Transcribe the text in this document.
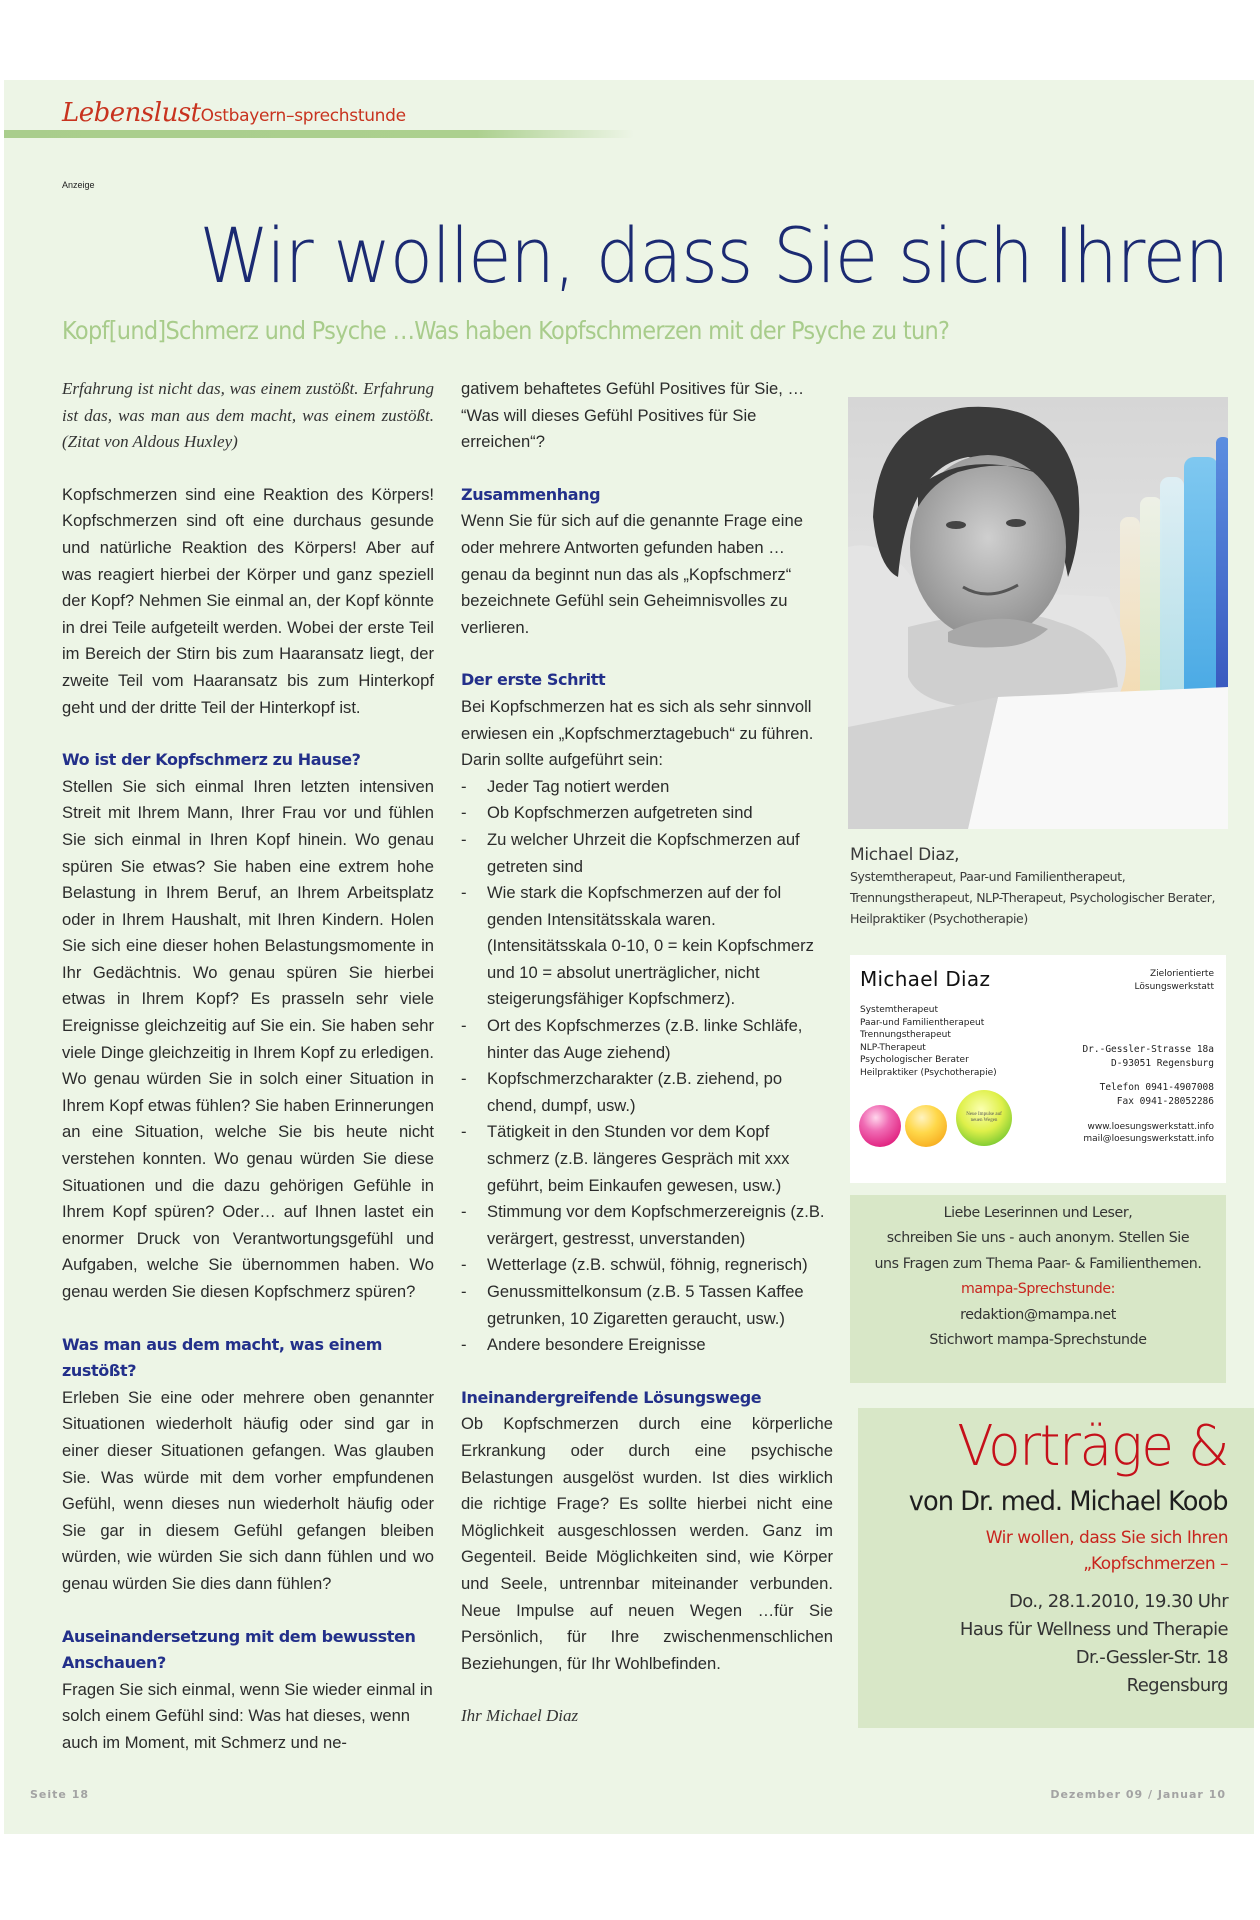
LebenslustOstbayern–sprechstunde
Anzeige
Wir wollen, dass Sie sich Ihren
Kopf[und]Schmerz und Psyche …Was haben Kopfschmerzen mit der Psyche zu tun?

Erfahrung ist nicht das, was einem zustößt. Erfahrung ist das, was man aus dem macht, was einem zustößt. (Zitat von Aldous Huxley)

Kopfschmerzen sind eine Reaktion des Körpers! Kopfschmerzen sind oft eine durchaus gesunde und natürliche Reaktion des Körpers! Aber auf was reagiert hierbei der Körper und ganz speziell der Kopf? Nehmen Sie einmal an, der Kopf könnte in drei Teile aufgeteilt werden. Wobei der erste Teil im Bereich der Stirn bis zum Haaransatz liegt, der zweite Teil vom Haaransatz bis zum Hinterkopf geht und der dritte Teil der Hinterkopf ist.

Wo ist der Kopfschmerz zu Hause?

Stellen Sie sich einmal Ihren letzten intensiven Streit mit Ihrem Mann, Ihrer Frau vor und fühlen Sie sich einmal in Ihren Kopf hinein. Wo genau spüren Sie etwas? Sie haben eine extrem hohe Belastung in Ihrem Beruf, an Ihrem Arbeitsplatz oder in Ihrem Haushalt, mit Ihren Kindern. Holen Sie sich eine dieser hohen Belastungsmomente in Ihr Gedächtnis. Wo genau spüren Sie hierbei etwas in Ihrem Kopf? Es prasseln sehr viele Ereignisse gleichzeitig auf Sie ein. Sie haben sehr viele Dinge gleichzeitig in Ihrem Kopf zu erledigen. Wo genau würden Sie in solch einer Situation in Ihrem Kopf etwas fühlen? Sie haben Erinnerungen an eine Situation, welche Sie bis heute nicht verstehen konnten. Wo genau würden Sie diese Situationen und die dazu gehörigen Gefühle in Ihrem Kopf spüren? Oder… auf Ihnen lastet ein enormer Druck von Verantwortungsgefühl und Aufgaben, welche Sie übernommen haben. Wo genau werden Sie diesen Kopfschmerz spüren?

Was man aus dem macht, was einem zustößt?

Erleben Sie eine oder mehrere oben genannter Situationen wiederholt häufig oder sind gar in einer dieser Situationen gefangen. Was glauben Sie. Was würde mit dem vorher empfundenen Gefühl, wenn dieses nun wiederholt häufig oder Sie gar in diesem Gefühl gefangen bleiben würden, wie würden Sie sich dann fühlen und wo genau würden Sie dies dann fühlen?

Auseinandersetzung mit dem bewussten Anschauen?

Fragen Sie sich einmal, wenn Sie wieder einmal in solch einem Gefühl sind: Was hat dieses, wenn auch im Moment, mit Schmerz und ne-

gativem behaftetes Gefühl Positives für Sie, … “Was will dieses Gefühl Positives für Sie erreichen“?

Zusammenhang

Wenn Sie für sich auf die genannte Frage eine oder mehrere Antworten gefunden haben … genau da beginnt nun das als „Kopfschmerz“ bezeichnete Gefühl sein Geheimnisvolles zu verlieren.

Der erste Schritt

Bei Kopfschmerzen hat es sich als sehr sinnvoll erwiesen ein „Kopfschmerztagebuch“ zu führen. Darin sollte aufgeführt sein:

- Jeder Tag notiert werden
- Ob Kopfschmerzen aufgetreten sind
- Zu welcher Uhrzeit die Kopfschmerzen auf getreten sind
- Wie stark die Kopfschmerzen auf der fol genden Intensitätsskala waren. (Intensitätsskala 0-10, 0 = kein Kopfschmerz und 10 = absolut unerträglicher, nicht steigerungsfähiger Kopfschmerz).
- Ort des Kopfschmerzes (z.B. linke Schläfe, hinter das Auge ziehend)
- Kopfschmerzcharakter (z.B. ziehend, po chend, dumpf, usw.)
- Tätigkeit in den Stunden vor dem Kopf schmerz (z.B. längeres Gespräch mit xxx geführt, beim Einkaufen gewesen, usw.)
- Stimmung vor dem Kopfschmerzereignis (z.B. verärgert, gestresst, unverstanden)
- Wetterlage (z.B. schwül, föhnig, regnerisch)
- Genussmittelkonsum (z.B. 5 Tassen Kaffee getrunken, 10 Zigaretten geraucht, usw.)
- Andere besondere Ereignisse
Ineinandergreifende Lösungswege

Ob Kopfschmerzen durch eine körperliche Erkrankung oder durch eine psychische Belastungen ausgelöst wurden. Ist dies wirklich die richtige Frage? Es sollte hierbei nicht eine Möglichkeit ausgeschlossen werden. Ganz im Gegenteil. Beide Möglichkeiten sind, wie Körper und Seele, untrennbar miteinander verbunden. Neue Impulse auf neuen Wegen …für Sie Persönlich, für Ihre zwischenmenschlichen Beziehungen, für Ihr Wohlbefinden.

Ihr Michael Diaz
Michael Diaz,
Systemtherapeut, Paar-und Familientherapeut, Trennungstherapeut, NLP-Therapeut, Psychologischer Berater, Heilpraktiker (Psychotherapie)
Michael Diaz
Systemtherapeut
Paar-und Familientherapeut
Trennungstherapeut
NLP-Therapeut
Psychologischer Berater
Heilpraktiker (Psychotherapie)
Zielorientierte
Lösungswerkstatt
Dr.-Gessler-Strasse 18a
D-93051 Regensburg
Telefon 0941-4907008
Fax 0941-28052286
www.loesungswerkstatt.info
mail@loesungswerkstatt.info
Neue Impulse auf neuen Wegen
Liebe Leserinnen und Leser,
schreiben Sie uns - auch anonym. Stellen Sie
uns Fragen zum Thema Paar- & Familienthemen.
mampa-Sprechstunde:
redaktion@mampa.net
Stichwort mampa-Sprechstunde
Vorträge &
von Dr. med. Michael Koob
Wir wollen, dass Sie sich Ihren
„Kopfschmerzen –
Do., 28.1.2010, 19.30 Uhr
Haus für Wellness und Therapie
Dr.-Gessler-Str. 18
Regensburg
Seite 18	Dezember 09 / Januar 10
